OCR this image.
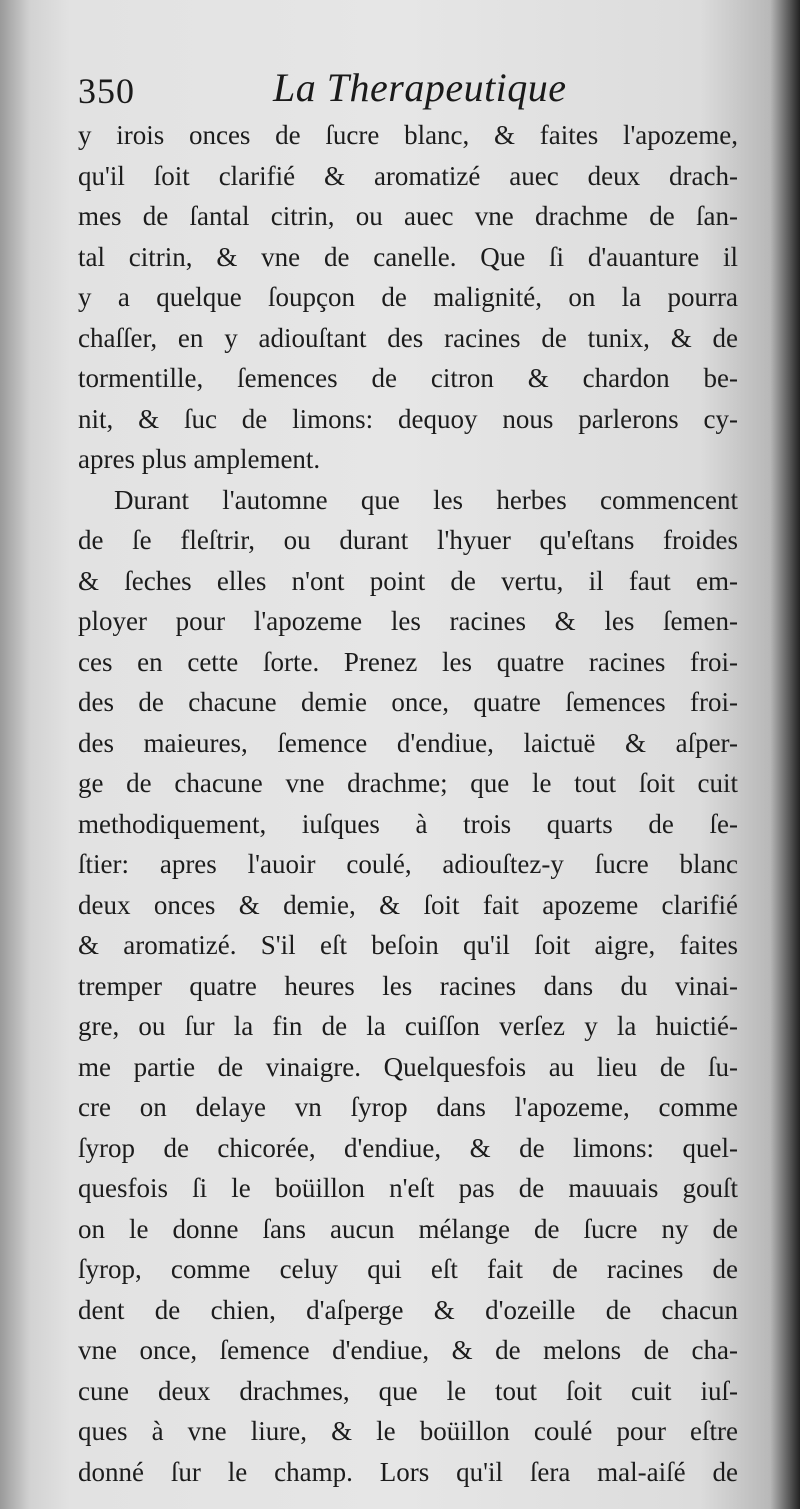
350	La Therapeutique
y irois onces de ſucre blanc, & faites l'apozeme,
qu'il ſoit clarifié & aromatizé auec deux drach-
mes de ſantal citrin, ou auec vne drachme de ſan-
tal citrin, & vne de canelle. Que ſi d'auanture il
y a quelque ſoupçon de malignité, on la pourra
chaſſer, en y adiouſtant des racines de tunix, & de
tormentille, ſemences de citron & chardon be-
nit, & ſuc de limons: dequoy nous parlerons cy-
apres plus amplement.
Durant l'automne que les herbes commencent
de ſe fleſtrir, ou durant l'hyuer qu'eſtans froides
& ſeches elles n'ont point de vertu, il faut em-
ployer pour l'apozeme les racines & les ſemen-
ces en cette ſorte. Prenez les quatre racines froi-
des de chacune demie once, quatre ſemences froi-
des maieures, ſemence d'endiue, laictuë & aſper-
ge de chacune vne drachme; que le tout ſoit cuit
methodiquement, iuſques à trois quarts de ſe-
ſtier: apres l'auoir coulé, adiouſtez-y ſucre blanc
deux onces & demie, & ſoit fait apozeme clarifié
& aromatizé. S'il eſt beſoin qu'il ſoit aigre, faites
tremper quatre heures les racines dans du vinai-
gre, ou ſur la fin de la cuiſſon verſez y la huictié-
me partie de vinaigre. Quelquesfois au lieu de ſu-
cre on delaye vn ſyrop dans l'apozeme, comme
ſyrop de chicorée, d'endiue, & de limons: quel-
quesfois ſi le boüillon n'eſt pas de mauuais gouſt
on le donne ſans aucun mélange de ſucre ny de
ſyrop, comme celuy qui eſt fait de racines de
dent de chien, d'aſperge & d'ozeille de chacun
vne once, ſemence d'endiue, & de melons de cha-
cune deux drachmes, que le tout ſoit cuit iuſ-
ques à vne liure, & le boüillon coulé pour eſtre
donné ſur le champ. Lors qu'il ſera mal-aiſé de
